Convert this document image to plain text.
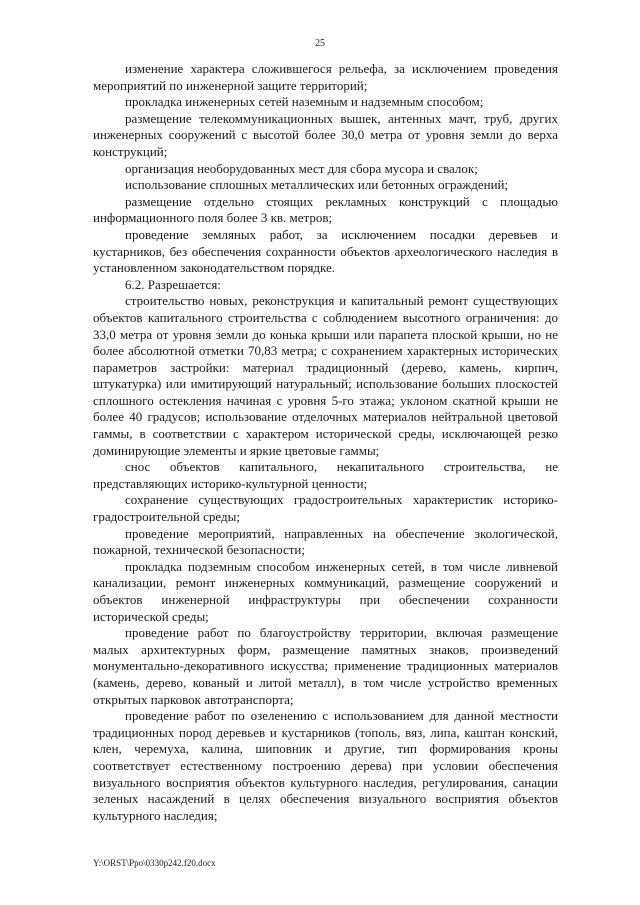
25

изменение характера сложившегося рельефа, за исключением проведения мероприятий по инженерной защите территорий;

прокладка инженерных сетей наземным и надземным способом;

размещение телекоммуникационных вышек, антенных мачт, труб, других инженерных сооружений с высотой более 30,0 метра от уровня земли до верха конструкций;

организация необорудованных мест для сбора мусора и свалок;

использование сплошных металлических или бетонных ограждений;

размещение отдельно стоящих рекламных конструкций с площадью информационного поля более 3 кв. метров;

проведение земляных работ, за исключением посадки деревьев и кустарников, без обеспечения сохранности объектов археологического наследия в установленном законодательством порядке.

6.2. Разрешается:

строительство новых, реконструкция и капитальный ремонт существующих объектов капитального строительства с соблюдением высотного ограничения: до 33,0 метра от уровня земли до конька крыши или парапета плоской крыши, но не более абсолютной отметки 70,83 метра; с сохранением характерных исторических параметров застройки: материал традиционный (дерево, камень, кирпич, штукатурка) или имитирующий натуральный; использование больших плоскостей сплошного остекления начиная с уровня 5-го этажа; уклоном скатной крыши не более 40 градусов; использование отделочных материалов нейтральной цветовой гаммы, в соответствии с характером исторической среды, исключающей резко доминирующие элементы и яркие цветовые гаммы;

снос объектов капитального, некапитального строительства, не представляющих историко-культурной ценности;

сохранение существующих градостроительных характеристик историко-градостроительной среды;

проведение мероприятий, направленных на обеспечение экологической, пожарной, технической безопасности;

прокладка подземным способом инженерных сетей, в том числе ливневой канализации, ремонт инженерных коммуникаций, размещение сооружений и объектов инженерной инфраструктуры при обеспечении сохранности исторической среды;

проведение работ по благоустройству территории, включая размещение малых архитектурных форм, размещение памятных знаков, произведений монументально-декоративного искусства; применение традиционных материалов (камень, дерево, кованый и литой металл), в том числе устройство временных открытых парковок автотранспорта;

проведение работ по озеленению с использованием для данной местности традиционных пород деревьев и кустарников (тополь, вяз, липа, каштан конский, клен, черемуха, калина, шиповник и другие, тип формирования кроны соответствует естественному построению дерева) при условии обеспечения визуального восприятия объектов культурного наследия, регулирования, санации зеленых насаждений в целях обеспечения визуального восприятия объектов культурного наследия;

Y:\ORST\Ppo\0330p242.f20.docx
